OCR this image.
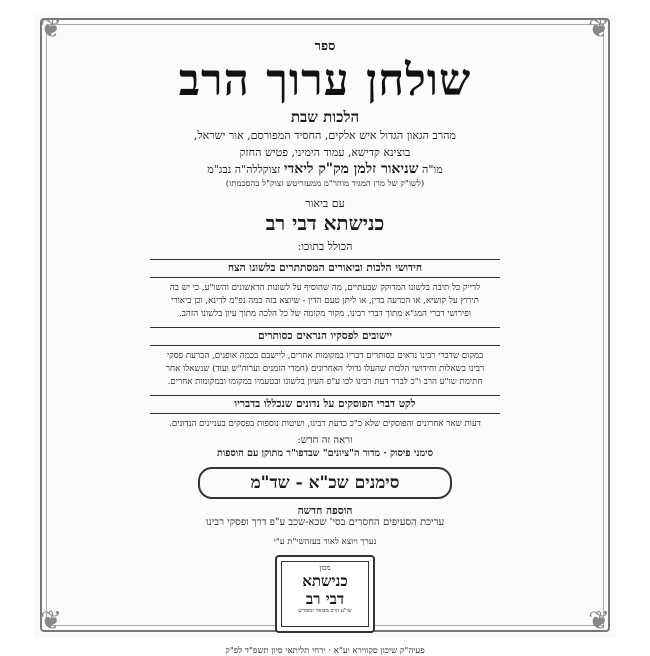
❦	❦
❦	❦
ספר
שולחן ערוך הרב
הלכות שבת
מהרב הגאון הגדול איש אלקים, החסיד המפורסם, אור ישראל,
בוצינא קדישא, עמוד הימיני, פטיש החזק
מו"ה שניאור זלמן מק"ק ליאדי זצוקללה"ה נבג"מ
(לשו"ק של מרן המגיד מוהר"מ ממעזריטש זצוק"ל בהסכמתו)
עם ביאור
כנישתא דבי רב
הכולל בתוכו:
חידושי הלכות וביאורים המסתתרים בלשונו הצח
לדייק כל תיבה בלשונו המדוקק שבעתיים, מה שהוסיף על לשונות הראשונים והשו"ע, כי יש בה
תירוץ על קושיא, או הכרעה בדין, או ליתן טעם הדין - שיוצא בזה כמה נפ"מ לדינא, וכן ביאורי
ופירושי דברי המג"א מתוך דברי רבינו. מקור מקומה של כל הלכה מתוך עיון בלשונו הזהב.
יישובים לפסקיו הנראים כסותרים
במקום שדברי רבינו נראים כסותרים דבריו במקומות אחרים, ליישבם בכמה אופנים, הכרעת פסקי
רבינו בשאלות וחידושי הלכות שהעלו גדולי האחרונים (חמדי הזמנים וערוה"ש ועוד) שנשאלו אחר
חתימת שו"ע הרב ו"כ לברר דעת רבינו לכו ע"פ העיון בלשונו ובטעמיו במקומו ובמקומות אחרים.
לקט דברי הפוסקים על נדונים שנכללו בדבריו
דעות שאר אחרונים והפוסקים שלא כ"כ כדעת רבינו, ושיטות נוספות בפסקים בעניינים הנדונים.
וראה זה חדש:
סימני פיסוק · מדור ה"ציונים" שבדפו"ר מתוקן עם הוספות
סימנים שכ"א - שד"מ
הוספה חדשה
עריכת הסעיפים החסרים בסי' שכא-שכב ע"פ דרך ופסקי רבינו
נערך ויוצא לאור בעזהשי"ת ע"י
מכון
כנישתא
דבי רב
שו"ע הרב מבואר ומפורש
פעיה"ק שיכון סקווירא יע"א · ירחי תליתאי סיון תשפ"ד לפ"ק
